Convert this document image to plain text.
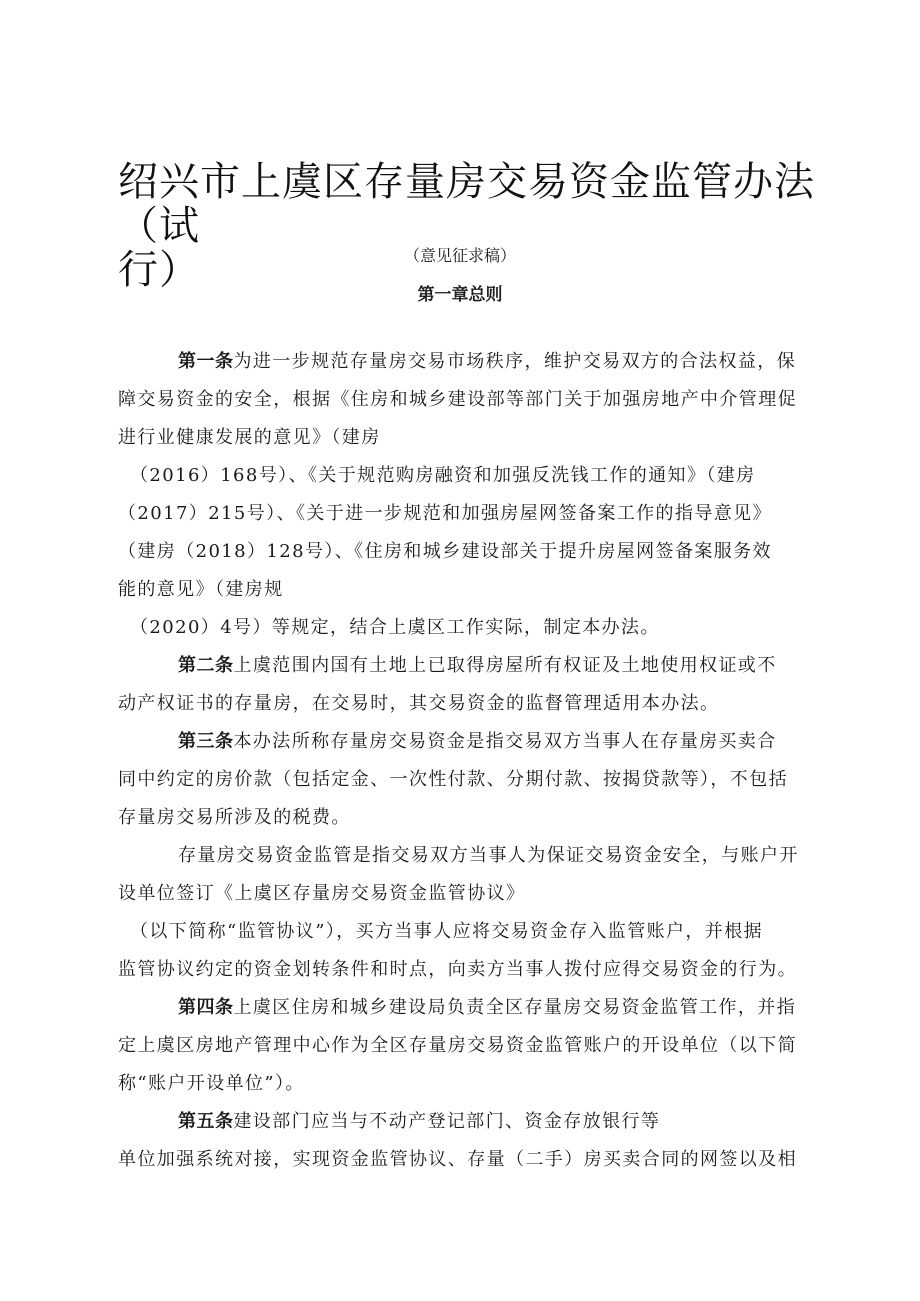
绍兴市上虞区存量房交易资金监管办法（试
行）	（意见征求稿）
第一章总则
第一条为进一步规范存量房交易市场秩序，维护交易双方的合法权益，保
障交易资金的安全，根据《住房和城乡建设部等部门关于加强房地产中介管理促
进行业健康发展的意见》（建房
（2016）168号）、《关于规范购房融资和加强反洗钱工作的通知》（建房
（2017）215号）、《关于进一步规范和加强房屋网签备案工作的指导意见》
（建房（2018）128号）、《住房和城乡建设部关于提升房屋网签备案服务效
能的意见》（建房规
（2020）4号）等规定，结合上虞区工作实际，制定本办法。
第二条上虞范围内国有土地上已取得房屋所有权证及土地使用权证或不
动产权证书的存量房，在交易时，其交易资金的监督管理适用本办法。
第三条本办法所称存量房交易资金是指交易双方当事人在存量房买卖合
同中约定的房价款（包括定金、一次性付款、分期付款、按揭贷款等），不包括
存量房交易所涉及的税费。
存量房交易资金监管是指交易双方当事人为保证交易资金安全，与账户开
设单位签订《上虞区存量房交易资金监管协议》
（以下简称“监管协议”），买方当事人应将交易资金存入监管账户，并根据
监管协议约定的资金划转条件和时点，向卖方当事人拨付应得交易资金的行为。
第四条上虞区住房和城乡建设局负责全区存量房交易资金监管工作，并指
定上虞区房地产管理中心作为全区存量房交易资金监管账户的开设单位（以下简
称“账户开设单位”）。
第五条建设部门应当与不动产登记部门、资金存放银行等
单位加强系统对接，实现资金监管协议、存量（二手）房买卖合同的网签以及相
